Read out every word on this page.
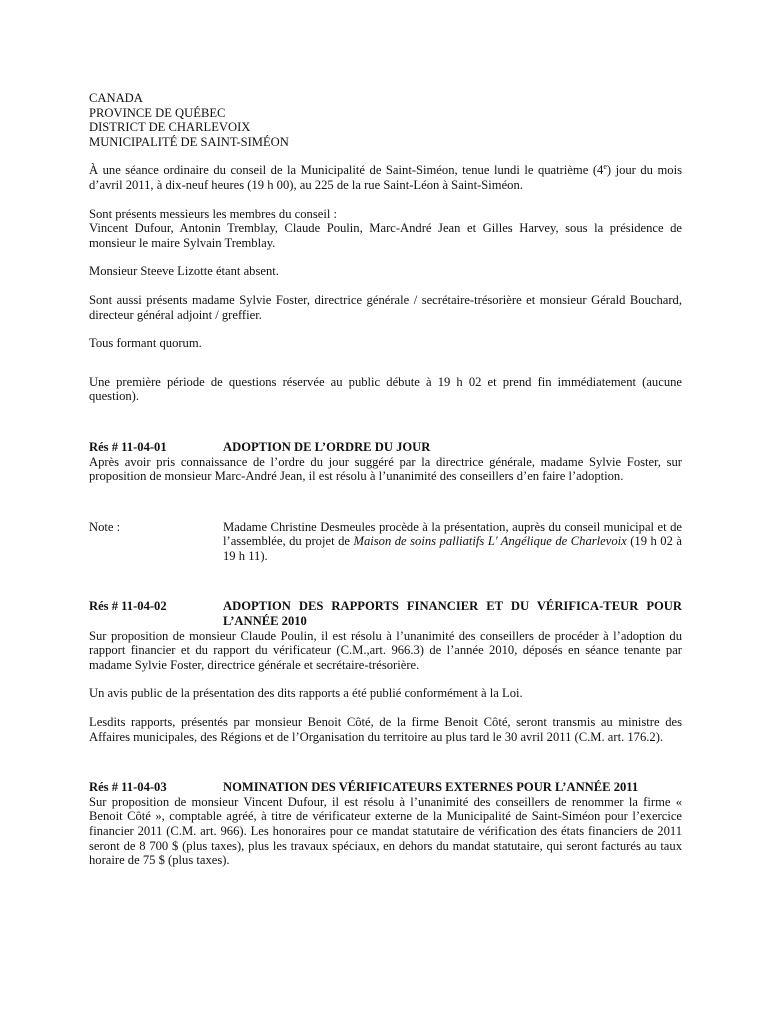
CANADA
PROVINCE DE QUÉBEC
DISTRICT DE CHARLEVOIX
MUNICIPALITÉ DE SAINT-SIMÉON

À une séance ordinaire du conseil de la Municipalité de Saint-Siméon, tenue lundi le quatrième (4e) jour du mois d’avril 2011, à dix-neuf heures (19 h 00), au 225 de la rue Saint-Léon à Saint-Siméon.

Sont présents messieurs les membres du conseil :

Vincent Dufour, Antonin Tremblay, Claude Poulin, Marc-André Jean et Gilles Harvey, sous la présidence de monsieur le maire Sylvain Tremblay.

Monsieur Steeve Lizotte étant absent.

Sont aussi présents madame Sylvie Foster, directrice générale / secrétaire-trésorière et monsieur Gérald Bouchard, directeur général adjoint / greffier.

Tous formant quorum.

Une première période de questions réservée au public débute à 19 h 02 et prend fin immédiatement (aucune question).

Rés # 11-04-01	ADOPTION DE L’ORDRE DU JOUR

Après avoir pris connaissance de l’ordre du jour suggéré par la directrice générale, madame Sylvie Foster, sur proposition de monsieur Marc-André Jean, il est résolu à l’unanimité des conseillers d’en faire l’adoption.

Note :	Madame Christine Desmeules procède à la présentation, auprès du conseil municipal et de l’assemblée, du projet de Maison de soins palliatifs L' Angélique de Charlevoix (19 h 02 à 19 h 11).
Rés # 11-04-02	ADOPTION DES RAPPORTS FINANCIER ET DU VÉRIFICA-TEUR POUR L’ANNÉE 2010

Sur proposition de monsieur Claude Poulin, il est résolu à l’unanimité des conseillers de procéder à l’adoption du rapport financier et du rapport du vérificateur (C.M.,art. 966.3) de l’année 2010, déposés en séance tenante par madame Sylvie Foster, directrice générale et secrétaire-trésorière.

Un avis public de la présentation des dits rapports a été publié conformément à la Loi.

Lesdits rapports, présentés par monsieur Benoit Côté, de la firme Benoit Côté, seront transmis au ministre des Affaires municipales, des Régions et de l’Organisation du territoire au plus tard le 30 avril 2011 (C.M. art. 176.2).

Rés # 11-04-03	NOMINATION DES VÉRIFICATEURS EXTERNES POUR L’ANNÉE 2011

Sur proposition de monsieur Vincent Dufour, il est résolu à l’unanimité des conseillers de renommer la firme « Benoit Côté », comptable agréé, à titre de vérificateur externe de la Municipalité de Saint-Siméon pour l’exercice financier 2011 (C.M. art. 966). Les honoraires pour ce mandat statutaire de vérification des états financiers de 2011 seront de 8 700 $ (plus taxes), plus les travaux spéciaux, en dehors du mandat statutaire, qui seront facturés au taux horaire de 75 $ (plus taxes).
